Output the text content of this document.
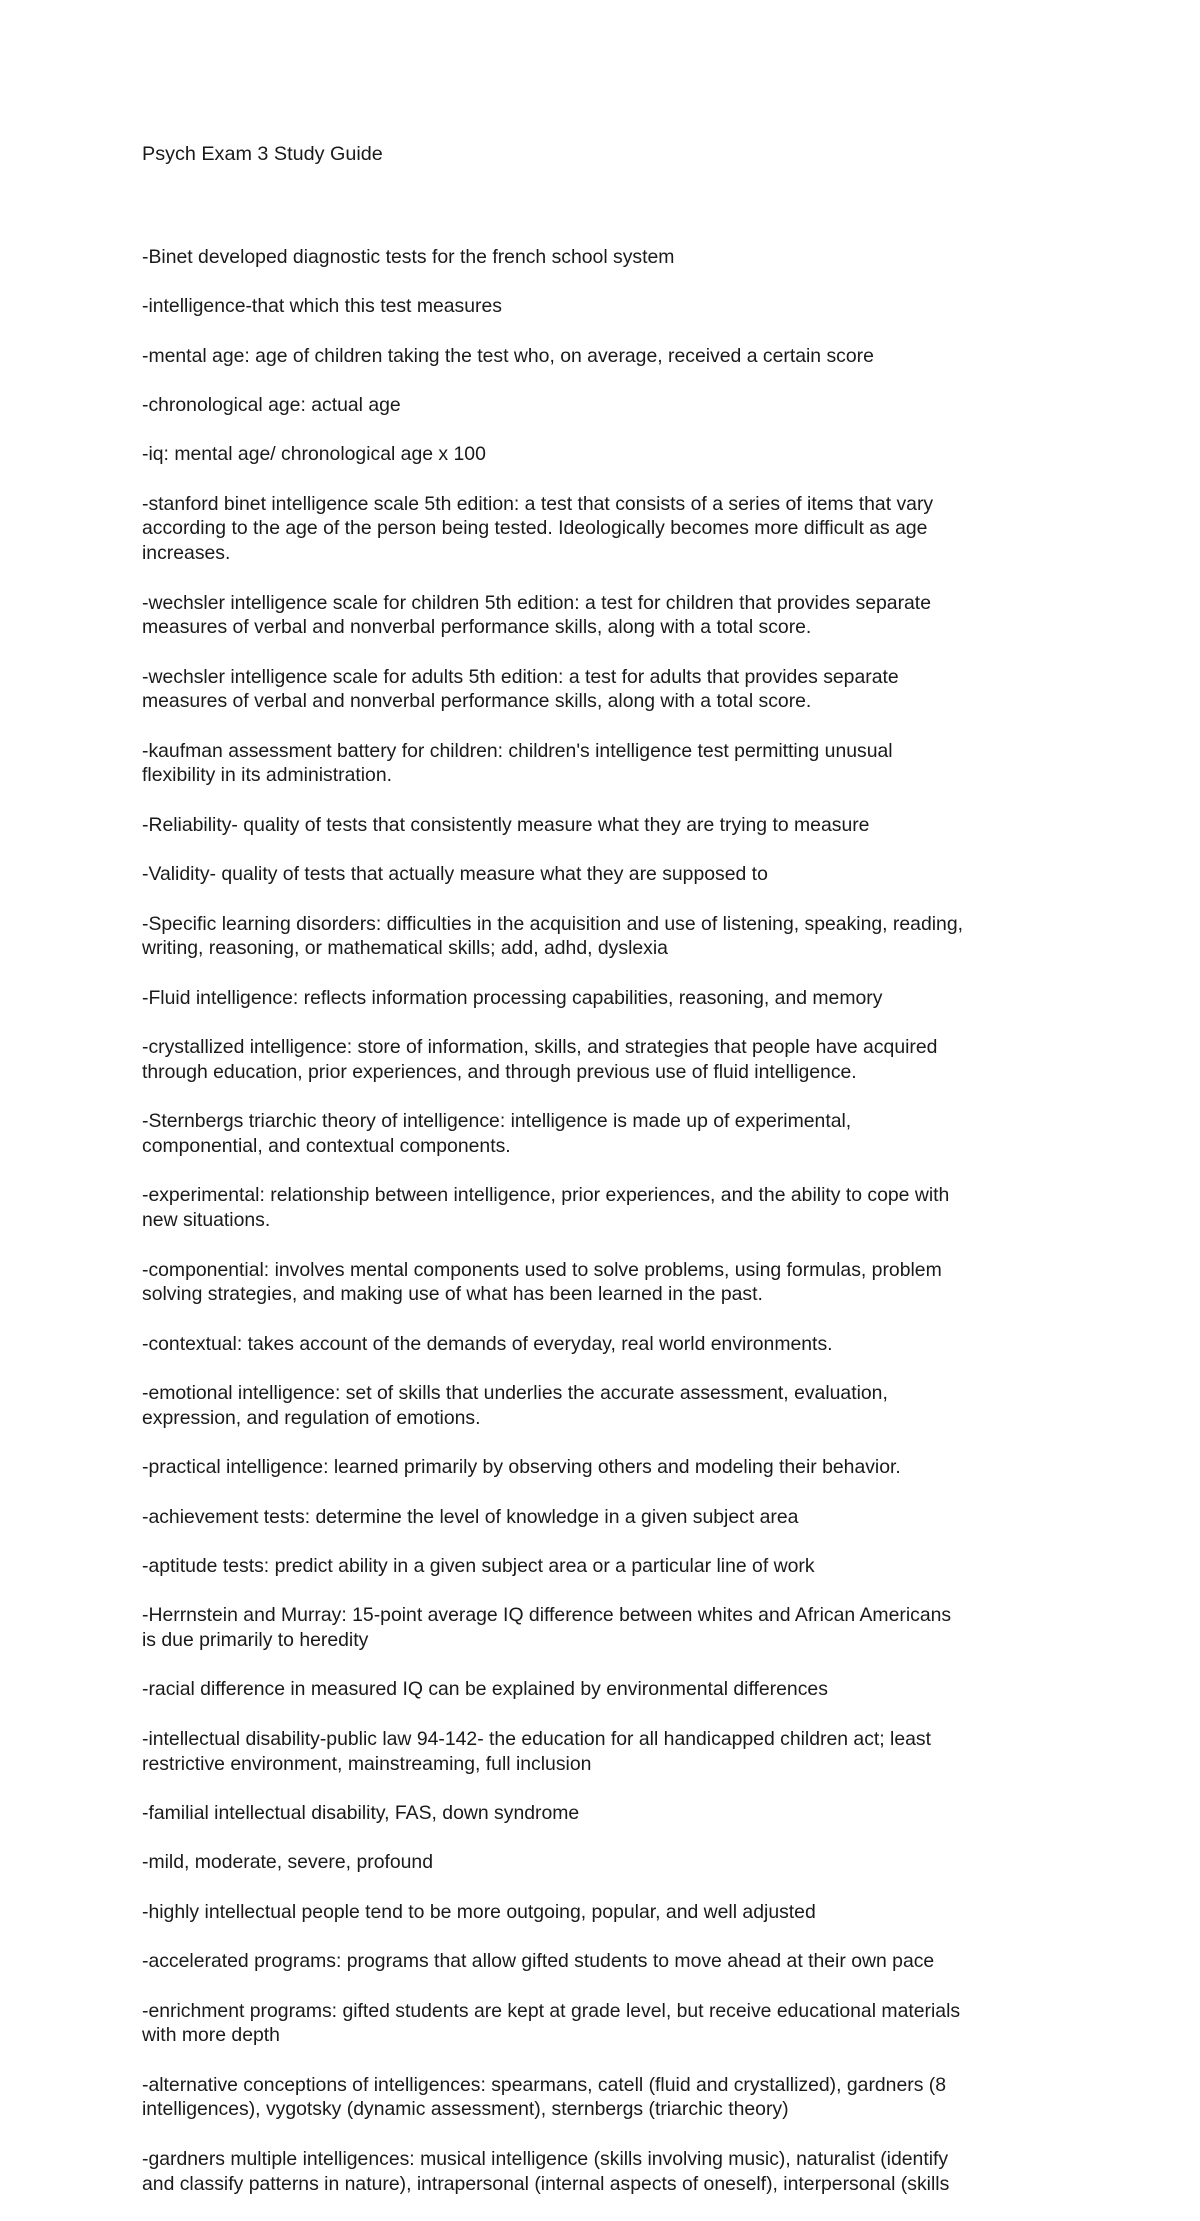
Psych Exam 3 Study Guide

-Binet developed diagnostic tests for the french school system

-intelligence-that which this test measures

-mental age: age of children taking the test who, on average, received a certain score

-chronological age: actual age

-iq: mental age/ chronological age x 100

-stanford binet intelligence scale 5th edition: a test that consists of a series of items that vary
according to the age of the person being tested. Ideologically becomes more difficult as age
increases.

-wechsler intelligence scale for children 5th edition: a test for children that provides separate
measures of verbal and nonverbal performance skills, along with a total score.

-wechsler intelligence scale for adults 5th edition: a test for adults that provides separate
measures of verbal and nonverbal performance skills, along with a total score.

-kaufman assessment battery for children: children's intelligence test permitting unusual
flexibility in its administration.

-Reliability- quality of tests that consistently measure what they are trying to measure

-Validity- quality of tests that actually measure what they are supposed to

-Specific learning disorders: difficulties in the acquisition and use of listening, speaking, reading,
writing, reasoning, or mathematical skills; add, adhd, dyslexia

-Fluid intelligence: reflects information processing capabilities, reasoning, and memory

-crystallized intelligence: store of information, skills, and strategies that people have acquired
through education, prior experiences, and through previous use of fluid intelligence.

-Sternbergs triarchic theory of intelligence: intelligence is made up of experimental,
componential, and contextual components.

-experimental: relationship between intelligence, prior experiences, and the ability to cope with
new situations.

-componential: involves mental components used to solve problems, using formulas, problem
solving strategies, and making use of what has been learned in the past.

-contextual: takes account of the demands of everyday, real world environments.

-emotional intelligence: set of skills that underlies the accurate assessment, evaluation,
expression, and regulation of emotions.

-practical intelligence: learned primarily by observing others and modeling their behavior.

-achievement tests: determine the level of knowledge in a given subject area

-aptitude tests: predict ability in a given subject area or a particular line of work

-Herrnstein and Murray: 15-point average IQ difference between whites and African Americans
is due primarily to heredity

-racial difference in measured IQ can be explained by environmental differences

-intellectual disability-public law 94-142- the education for all handicapped children act; least
restrictive environment, mainstreaming, full inclusion

-familial intellectual disability, FAS, down syndrome

-mild, moderate, severe, profound

-highly intellectual people tend to be more outgoing, popular, and well adjusted

-accelerated programs: programs that allow gifted students to move ahead at their own pace

-enrichment programs: gifted students are kept at grade level, but receive educational materials
with more depth

-alternative conceptions of intelligences: spearmans, catell (fluid and crystallized), gardners (8
intelligences), vygotsky (dynamic assessment), sternbergs (triarchic theory)

-gardners multiple intelligences: musical intelligence (skills involving music), naturalist (identify
and classify patterns in nature), intrapersonal (internal aspects of oneself), interpersonal (skills
